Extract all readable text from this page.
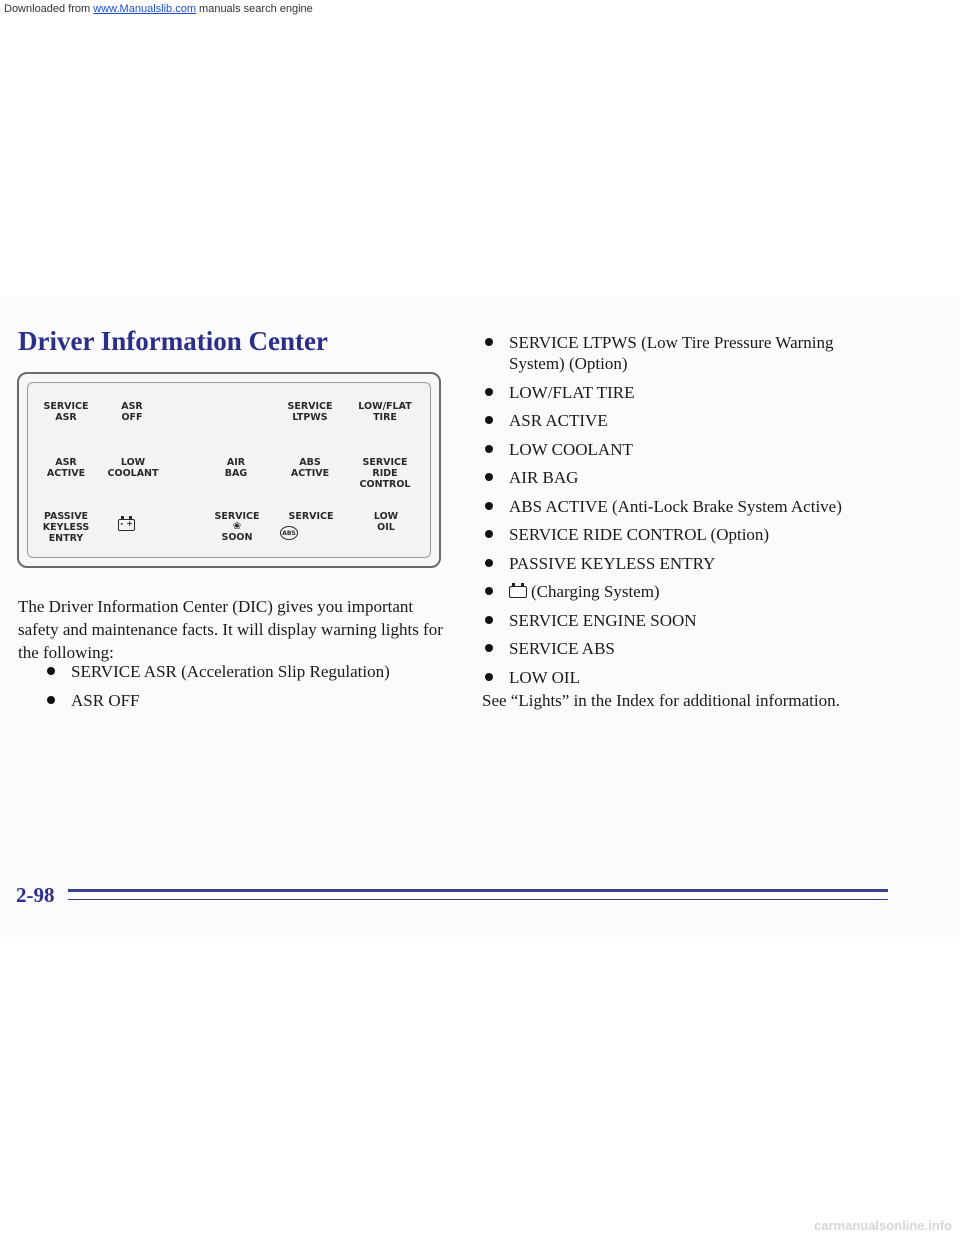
Downloaded from www.Manualslib.com manuals search engine
Driver Information Center
SERVICE
ASR
ASR
OFF
SERVICE
LTPWS
LOW/FLAT
TIRE
ASR
ACTIVE
LOW
COOLANT
AIR
BAG
ABS
ACTIVE
SERVICE
RIDE
CONTROL
PASSIVE
KEYLESS
ENTRY
- +
SERVICE
❀
SOON
SERVICE
ABS
LOW
OIL

The Driver Information Center (DIC) gives you important safety and maintenance facts. It will display warning lights for the following:

SERVICE ASR (Acceleration Slip Regulation)
ASR OFF
SERVICE LTPWS (Low Tire Pressure Warning System) (Option)
LOW/FLAT TIRE
ASR ACTIVE
LOW COOLANT
AIR BAG
ABS ACTIVE (Anti-Lock Brake System Active)
SERVICE RIDE CONTROL (Option)
PASSIVE KEYLESS ENTRY
(Charging System)
SERVICE ENGINE SOON
SERVICE ABS
LOW OIL

See “Lights” in the Index for additional information.

2-98
carmanualsonline.info
